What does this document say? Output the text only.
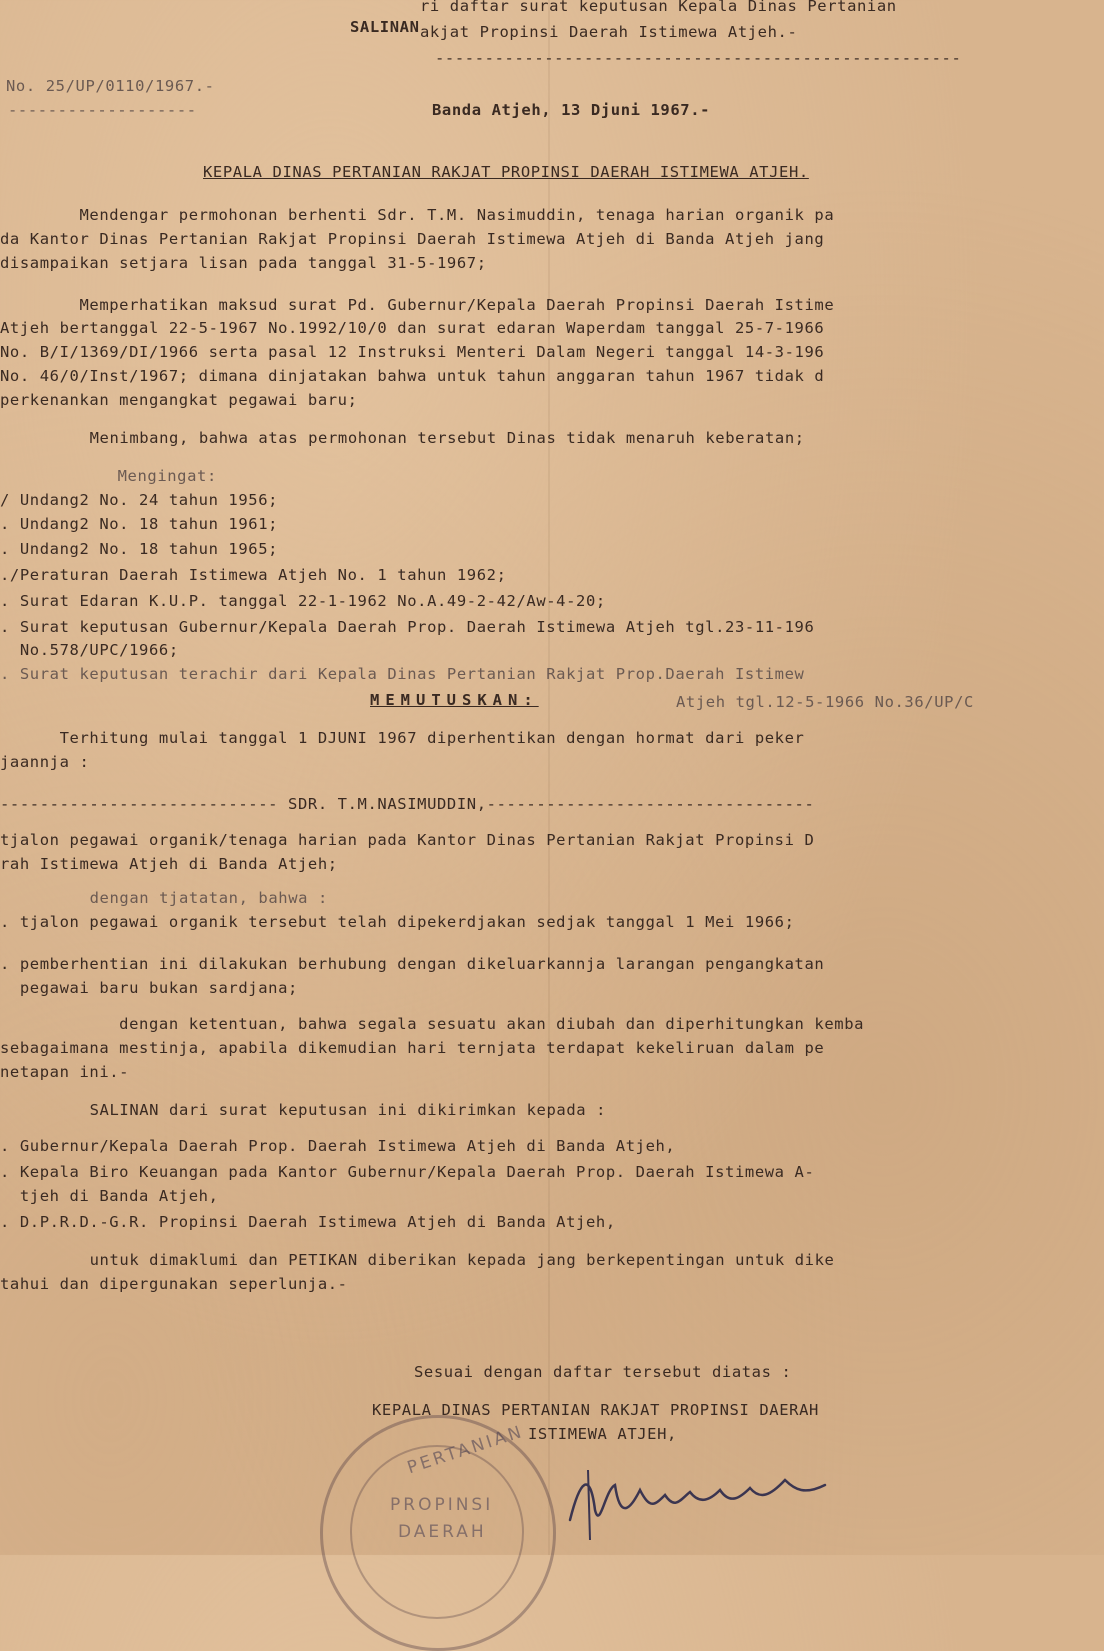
ri daftar surat keputusan Kepala Dinas Pertanian
SALINAN akjat Propinsi Daerah Istimewa Atjeh.-
-----------------------------------------------------
No. 25/UP/0110/1967.-
-------------------	Banda Atjeh, 13 Djuni 1967.-
KEPALA DINAS PERTANIAN RAKJAT PROPINSI DAERAH ISTIMEWA ATJEH.
Mendengar permohonan berhenti Sdr. T.M. Nasimuddin, tenaga harian organik pa
da Kantor Dinas Pertanian Rakjat Propinsi Daerah Istimewa Atjeh di Banda Atjeh jang
disampaikan setjara lisan pada tanggal 31-5-1967;
Memperhatikan maksud surat Pd. Gubernur/Kepala Daerah Propinsi Daerah Istime
Atjeh bertanggal 22-5-1967 No.1992/10/0 dan surat edaran Waperdam tanggal 25-7-1966
No. B/I/1369/DI/1966 serta pasal 12 Instruksi Menteri Dalam Negeri tanggal 14-3-196
No. 46/0/Inst/1967; dimana dinjatakan bahwa untuk tahun anggaran tahun 1967 tidak d
perkenankan mengangkat pegawai baru;
Menimbang, bahwa atas permohonan tersebut Dinas tidak menaruh keberatan;
Mengingat:
/ Undang2 No. 24 tahun 1956;
. Undang2 No. 18 tahun 1961;
. Undang2 No. 18 tahun 1965;
./Peraturan Daerah Istimewa Atjeh No. 1 tahun 1962;
. Surat Edaran K.U.P. tanggal 22-1-1962 No.A.49-2-42/Aw-4-20;
. Surat keputusan Gubernur/Kepala Daerah Prop. Daerah Istimewa Atjeh tgl.23-11-196
No.578/UPC/1966;
. Surat keputusan terachir dari Kepala Dinas Pertanian Rakjat Prop.Daerah Istimew
MEMUTUSKAN:	Atjeh tgl.12-5-1966 No.36/UP/C
Terhitung mulai tanggal 1 DJUNI 1967 diperhentikan dengan hormat dari peker
jaannja :
---------------------------- SDR. T.M.NASIMUDDIN,---------------------------------
tjalon pegawai organik/tenaga harian pada Kantor Dinas Pertanian Rakjat Propinsi D
rah Istimewa Atjeh di Banda Atjeh;
dengan tjatatan, bahwa :
. tjalon pegawai organik tersebut telah dipekerdjakan sedjak tanggal 1 Mei 1966;
. pemberhentian ini dilakukan berhubung dengan dikeluarkannja larangan pengangkatan
pegawai baru bukan sardjana;
dengan ketentuan, bahwa segala sesuatu akan diubah dan diperhitungkan kemba
sebagaimana mestinja, apabila dikemudian hari ternjata terdapat kekeliruan dalam pe
netapan ini.-
SALINAN dari surat keputusan ini dikirimkan kepada :
. Gubernur/Kepala Daerah Prop. Daerah Istimewa Atjeh di Banda Atjeh,
. Kepala Biro Keuangan pada Kantor Gubernur/Kepala Daerah Prop. Daerah Istimewa A-
tjeh di Banda Atjeh,
. D.P.R.D.-G.R. Propinsi Daerah Istimewa Atjeh di Banda Atjeh,
untuk dimaklumi dan PETIKAN diberikan kepada jang berkepentingan untuk dike
tahui dan dipergunakan seperlunja.-
Sesuai dengan daftar tersebut diatas :
KEPALA DINAS PERTANIAN RAKJAT PROPINSI DAERAH
ISTIMEWA ATJEH,
PERTANIAN
PROPINSI
DAERAH
